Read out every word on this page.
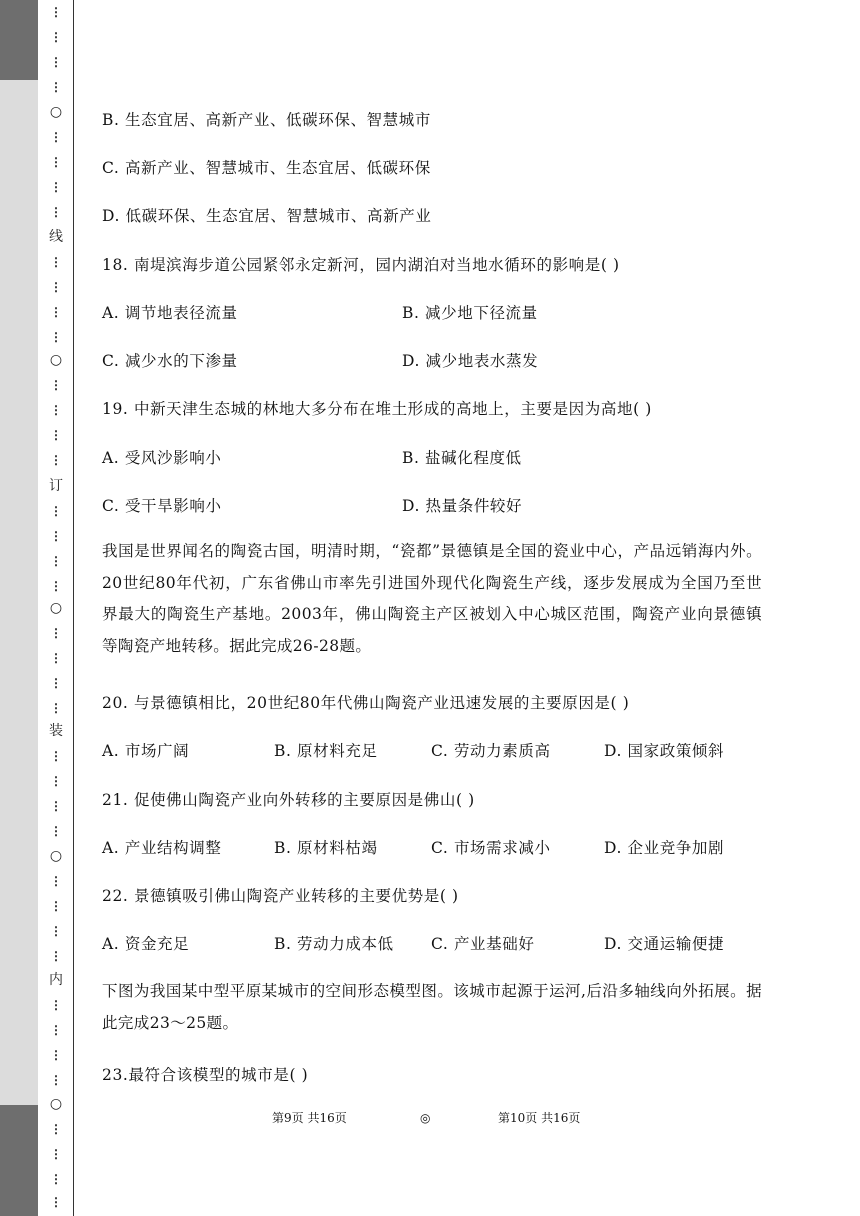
⋮
⋮
⋮
⋮
○
⋮
⋮
⋮
⋮
线
⋮
⋮
⋮
⋮
○
⋮
⋮
⋮
⋮
订
⋮
⋮
⋮
⋮
○
⋮
⋮
⋮
⋮
装
⋮
⋮
⋮
⋮
○
⋮
⋮
⋮
⋮
内
⋮
⋮
⋮
⋮
○
⋮
⋮
⋮
⋮
B. 生态宜居、高新产业、低碳环保、智慧城市
C. 高新产业、智慧城市、生态宜居、低碳环保
D. 低碳环保、生态宜居、智慧城市、高新产业
18. 南堤滨海步道公园紧邻永定新河，园内湖泊对当地水循环的影响是( )
A. 调节地表径流量	B. 减少地下径流量
C. 减少水的下渗量	D. 减少地表水蒸发
19. 中新天津生态城的林地大多分布在堆土形成的高地上，主要是因为高地( )
A. 受风沙影响小	B. 盐碱化程度低
C. 受干旱影响小	D. 热量条件较好
我国是世界闻名的陶瓷古国，明清时期，“瓷都”景德镇是全国的瓷业中心，产品远销海内外。20世纪80年代初，广东省佛山市率先引进国外现代化陶瓷生产线，逐步发展成为全国乃至世界最大的陶瓷生产基地。2003年，佛山陶瓷主产区被划入中心城区范围，陶瓷产业向景德镇等陶瓷产地转移。据此完成26-28题。
20. 与景德镇相比，20世纪80年代佛山陶瓷产业迅速发展的主要原因是( )
A. 市场广阔	B. 原材料充足	C. 劳动力素质高	D. 国家政策倾斜
21. 促使佛山陶瓷产业向外转移的主要原因是佛山( )
A. 产业结构调整	B. 原材料枯竭	C. 市场需求减小	D. 企业竞争加剧
22. 景德镇吸引佛山陶瓷产业转移的主要优势是( )
A. 资金充足	B. 劳动力成本低 C. 产业基础好	D. 交通运输便捷
下图为我国某中型平原某城市的空间形态模型图。该城市起源于运河,后沿多轴线向外拓展。据此完成23～25题。
23.最符合该模型的城市是( )
第9页 共16页	◎	第10页 共16页
